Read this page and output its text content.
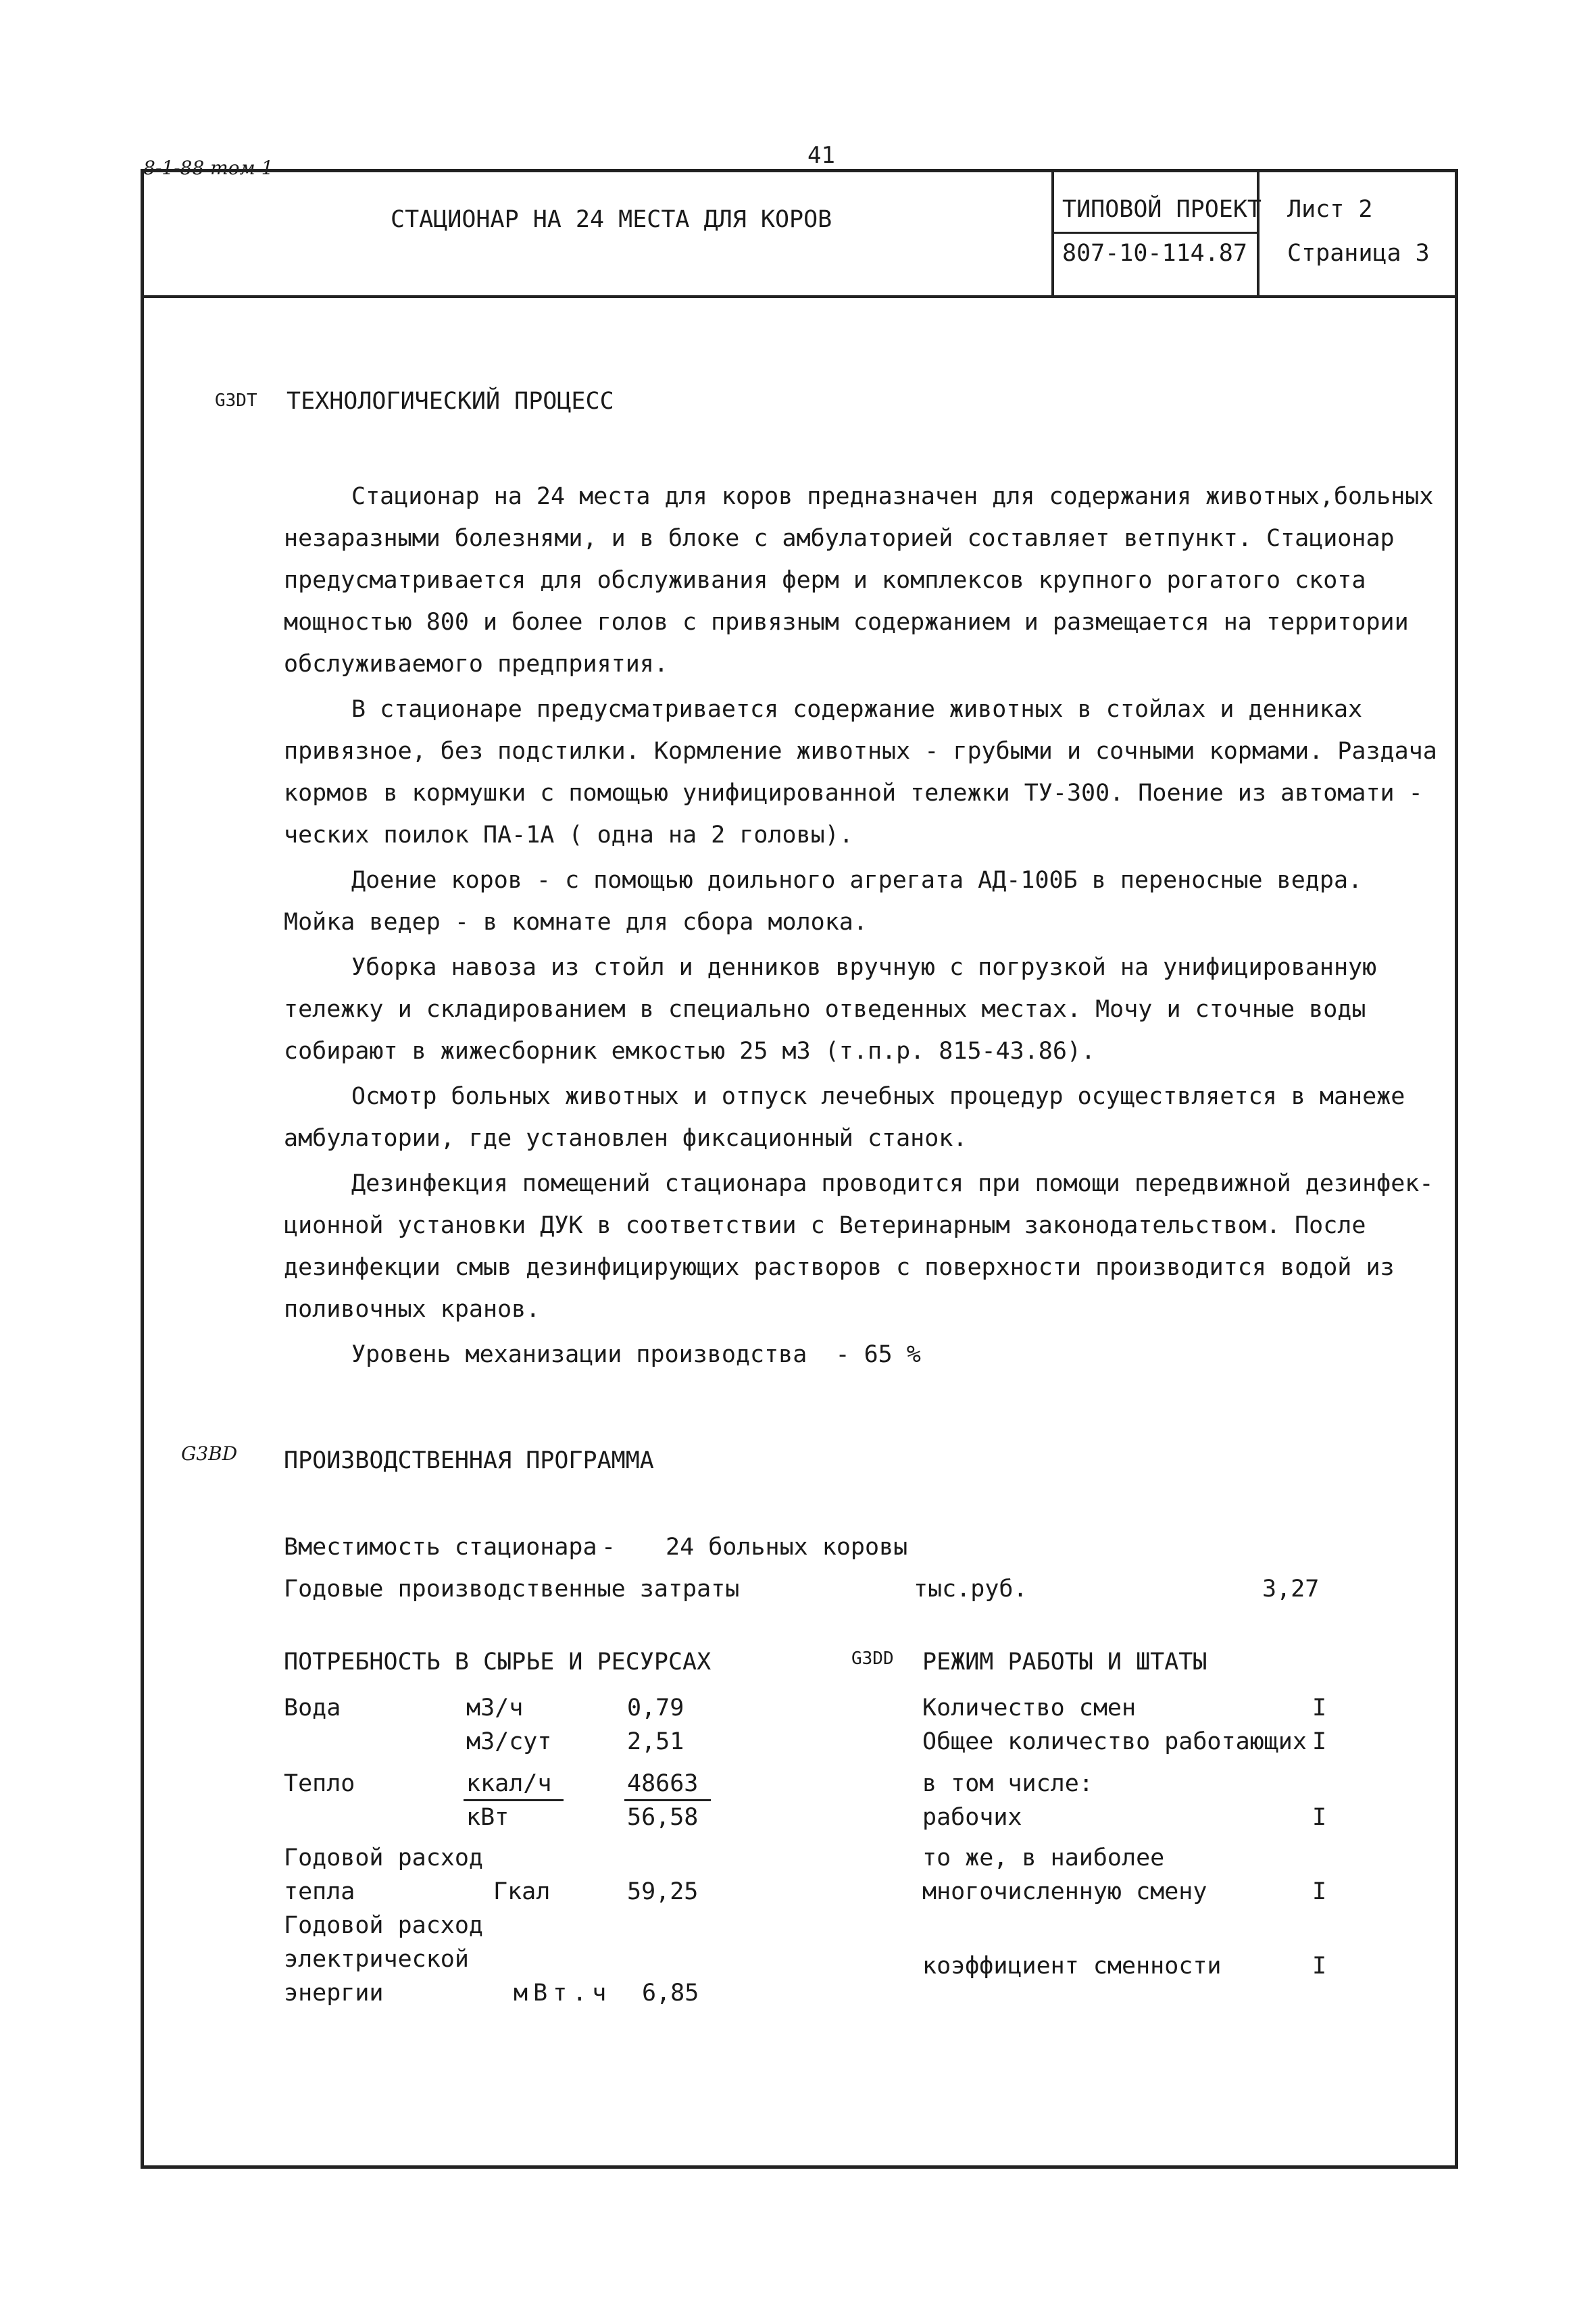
8-1-88 том 1	41
СТАЦИОНАР НА 24 МЕСТА ДЛЯ КОРОВ	ТИПОВОЙ ПРОЕКТ
807-10-114.87
Лист 2
Страница 3
G3DT ТЕХНОЛОГИЧЕСКИЙ ПРОЦЕСС
Стационар на 24 места для коров предназначен для содержания животных,больных
незаразными болезнями, и в блоке с амбулаторией составляет ветпункт. Стационар
предусматривается для обслуживания ферм и комплексов крупного рогатого скота
мощностью 800 и более голов с привязным содержанием и размещается на территории
обслуживаемого предприятия.
В стационаре предусматривается содержание животных в стойлах и денниках
привязное, без подстилки. Кормление животных - грубыми и сочными кормами. Раздача
кормов в кормушки с помощью унифицированной тележки ТУ-300. Поение из автомати -
ческих поилок ПА-1А ( одна на 2 головы).
Доение коров - с помощью доильного агрегата АД-100Б в переносные ведра.
Мойка ведер - в комнате для сбора молока.
Уборка навоза из стойл и денников вручную с погрузкой на унифицированную
тележку и складированием в специально отведенных местах. Мочу и сточные воды
собирают в жижесборник емкостью 25 м3 (т.п.р. 815-43.86).
Осмотр больных животных и отпуск лечебных процедур осуществляется в манеже
амбулатории, где установлен фиксационный станок.
Дезинфекция помещений стационара проводится при помощи передвижной дезинфек-
ционной установки ДУК в соответствии с Ветеринарным законодательством. После
дезинфекции смыв дезинфицирующих растворов с поверхности производится водой из
поливочных кранов.
Уровень механизации производства  - 65 %
G3BD ПРОИЗВОДСТВЕННАЯ ПРОГРАММА
Вместимость стационара - 24 больных коровы
Годовые производственные затраты	тыс.руб.	3,27
ПОТРЕБНОСТЬ В СЫРЬЕ И РЕСУРСАХ
Вода	м3/ч	0,79
м3/сут	2,51
Тепло	ккал/ч	48663
кВт	56,58
Годовой расход
тепла	Гкал	59,25
Годовой расход
электрической
энергии	мВт.ч 6,85
G3DD РЕЖИМ РАБОТЫ И ШТАТЫ
Количество смен	I
Общее количество работающих I
в том числе:
рабочих	I
то же, в наиболее
многочисленную смену	I
коэффициент сменности	I
